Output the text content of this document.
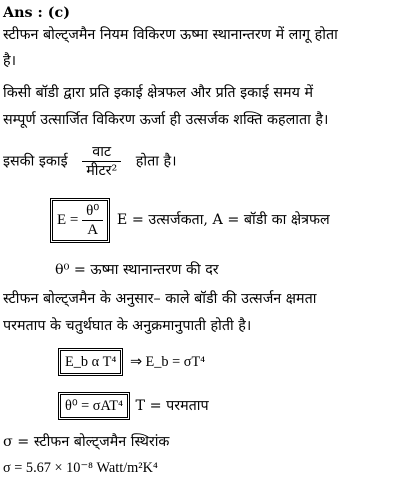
Ans : (c)
स्टीफन बोल्ट्जमैन नियम विकिरण ऊष्मा स्थानान्तरण में लागू होता
है।
किसी बॉडी द्वारा प्रति इकाई क्षेत्रफल और प्रति इकाई समय में
सम्पूर्ण उत्सार्जित विकिरण ऊर्जा ही उत्सर्जक शक्ति कहलाता है।
इसकी इकाई $\frac{\text{वाट}}{\text{मीटर²}}$ होता है।
$E = \frac{\text{θ⁰}}{A}$ E = उत्सर्जकता, A = बॉडी का क्षेत्रफल
θ⁰ = ऊष्मा स्थानान्तरण की दर
स्टीफन बोल्ट्जमैन के अनुसार– काले बॉडी की उत्सर्जन क्षमता
परमताप के चतुर्थघात के अनुक्रमानुपाती होती है।
E_b α T⁴ ⇒ E_b = σT⁴
θ⁰ = σAT⁴ T = परमताप
σ = स्टीफन बोल्ट्जमैन स्थिरांक
σ = 5.67 × 10⁻⁸ Watt/m²K⁴
